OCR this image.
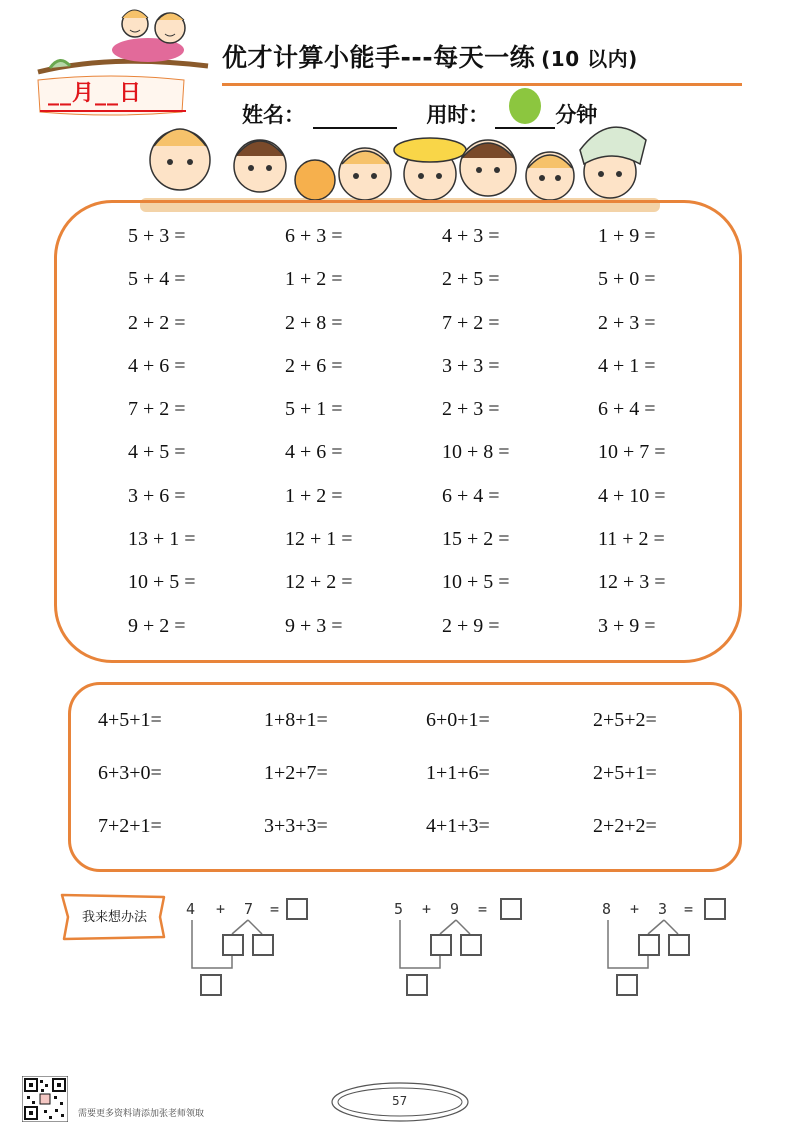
__月__日
优才计算小能手---每天一练 (10 以内)
姓名：	用时：	分钟
5 + 3 =	6 + 3 =	4 + 3 =	1 + 9 =
5 + 4 =	1 + 2 =	2 + 5 =	5 + 0 =
2 + 2 =	2 + 8 =	7 + 2 =	2 + 3 =
4 + 6 =	2 + 6 =	3 + 3 =	4 + 1 =
7 + 2 =	5 + 1 =	2 + 3 =	6 + 4 =
4 + 5 =	4 + 6 =	10 + 8 =	10 + 7 =
3 + 6 =	1 + 2 =	6 + 4 =	4 + 10 =
13 + 1 =	12 + 1 =	15 + 2 =	11 + 2 =
10 + 5 =	12 + 2 =	10 + 5 =	12 + 3 =
9 + 2 =	9 + 3 =	2 + 9 =	3 + 9 =
4+5+1=	1+8+1=	6+0+1=	2+5+2=
6+3+0=	1+2+7=	1+1+6=	2+5+1=
7+2+1=	3+3+3=	4+1+3=	2+2+2=
我来想办法	4 + 7 =	5 + 9 =	8 + 3 =
需要更多资料请添加张老师领取
57
